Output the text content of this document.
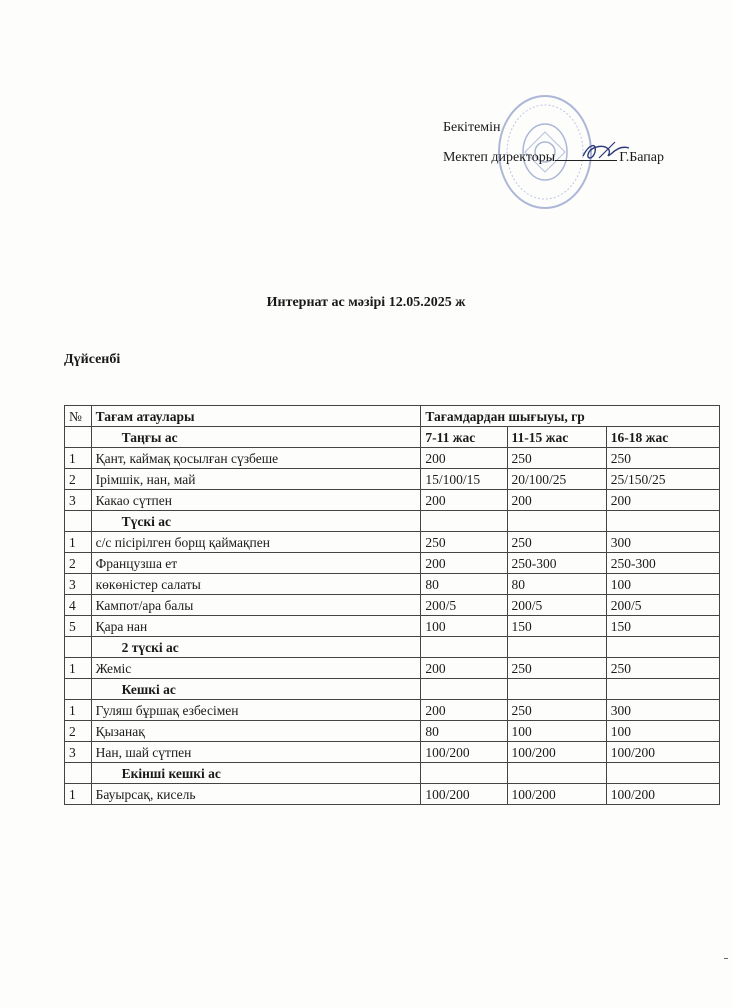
Бекітемін
Мектеп директоры	Г.Бапар
Интернат ас мәзірі 12.05.2025 ж
Дүйсенбі
№	Тағам атаулары	Тағамдардан шығыуы, гр		
	Таңғы ас	7-11 жас	11-15 жас	16-18 жас
1	Қант, каймақ қосылған сүзбеше	200	250	250
2	Ірімшік, нан, май	15/100/15	20/100/25	25/150/25
3	Какао сүтпен	200	200	200
	Түскі ас			
1	с/с пісірілген борщ қаймақпен	250	250	300
2	Французша ет	200	250-300	250-300
3	көкөністер салаты	80	80	100
4	Кампот/ара балы	200/5	200/5	200/5
5	Қара нан	100	150	150
	2 түскі ас			
1	Жеміс	200	250	250
	Кешкі ас			
1	Гуляш бұршақ езбесімен	200	250	300
2	Қызанақ	80	100	100
3	Нан, шай сүтпен	100/200	100/200	100/200
	Екінші кешкі ас			
1	Бауырсақ, кисель	100/200	100/200	100/200
